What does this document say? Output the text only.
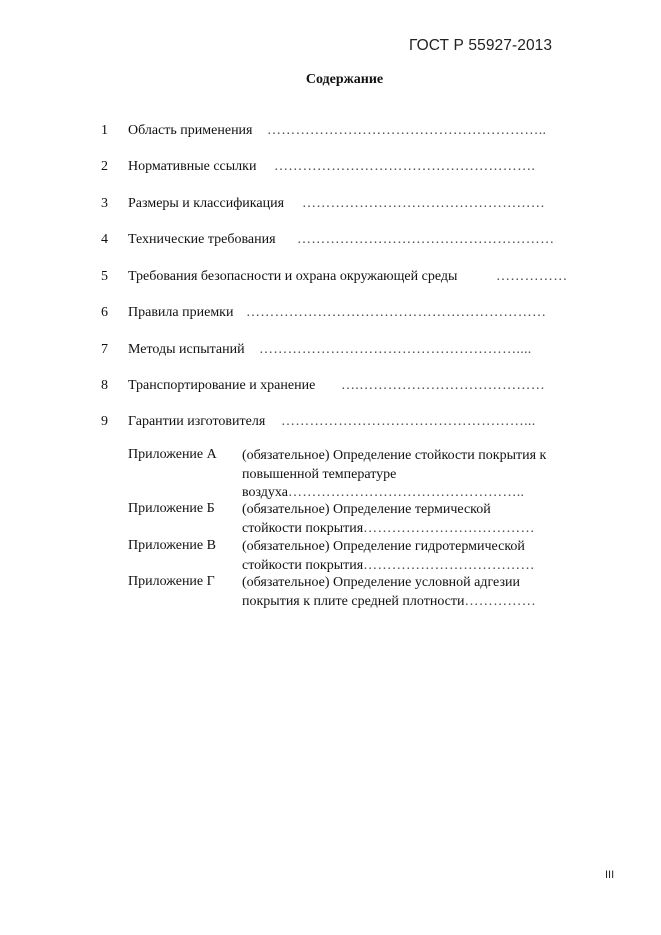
ГОСТ Р 55927-2013
Содержание
1	Область применения …………………………………………………..
2	Нормативные ссылки ……………………………………………….
3	Размеры и классификация ……………………………………………
4	Технические требования ………………………………………………
5	Требования безопасности и охрана окружающей среды	……………
6	Правила приемки ………………………………………………………
7	Методы испытаний ………………………………………………....
8	Транспортирование и хранение ….…………………………………
9	Гарантии изготовителя ……………………………………………...
Приложение А (обязательное) Определение стойкости покрытия к повышенной температуре воздуха…………………………………………..
Приложение Б (обязательное) Определение термической стойкости покрытия………………………………
Приложение В (обязательное) Определение гидротермической стойкости покрытия………………………………
Приложение Г (обязательное) Определение условной адгезии покрытия к плите средней плотности……………
III
